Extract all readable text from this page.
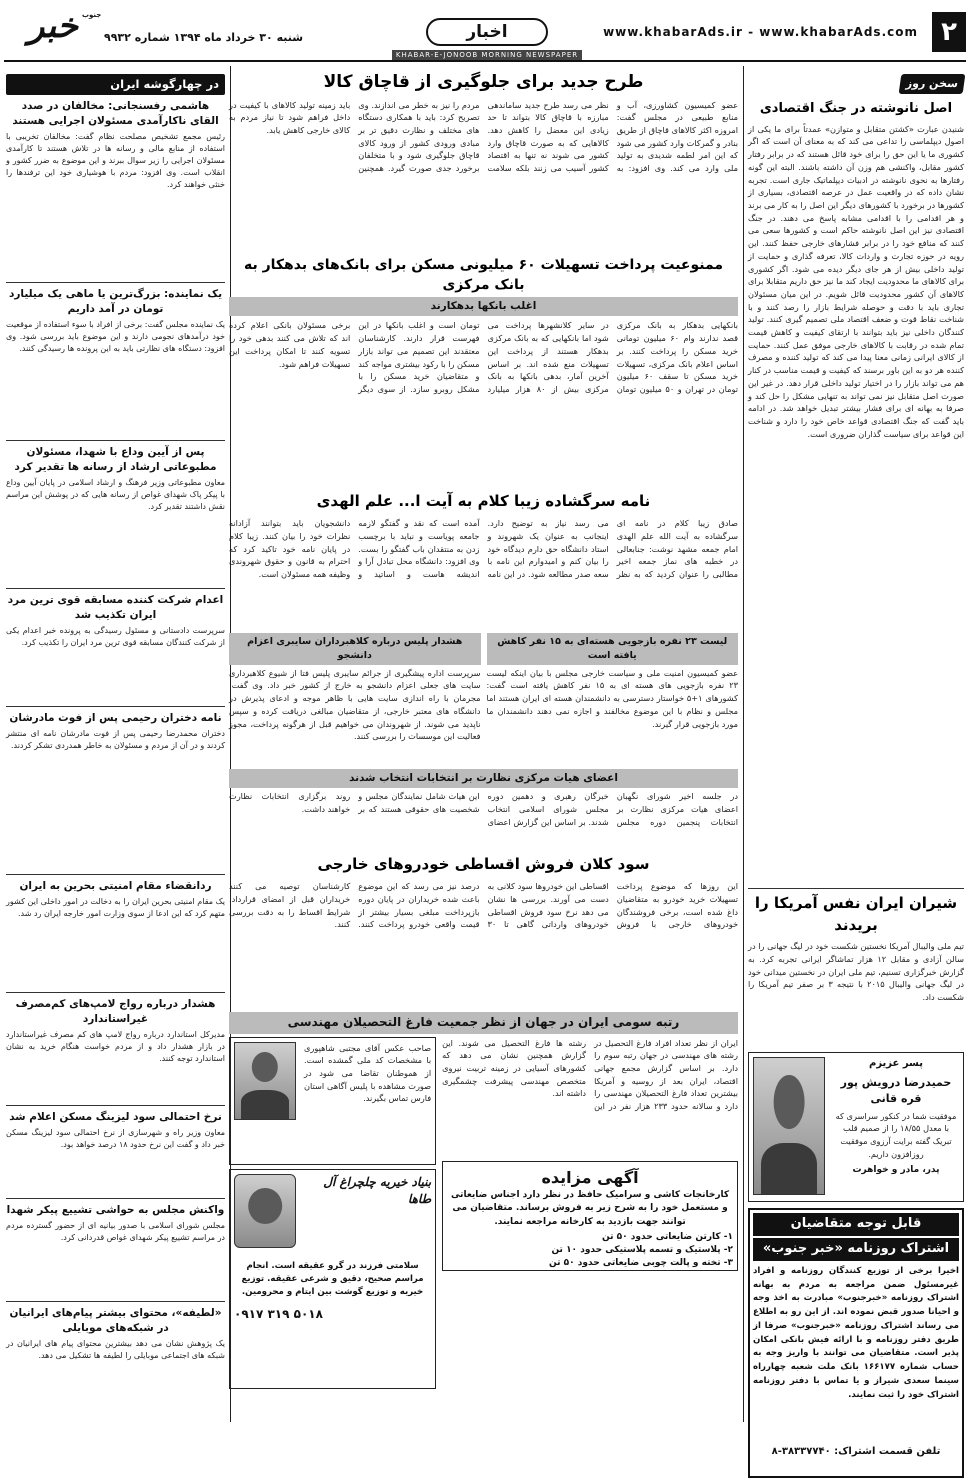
۲
www.khabarAds.ir - www.khabarAds.com
اخبار
KHABAR-E-JONOOB MORNING NEWSPAPER
شنبه ۳۰ خرداد ماه ۱۳۹۴ شماره ۹۹۳۲
خبر جنوب
سخن روز
اصل نانوشته در جنگ اقتصادی

شنیدن عبارت «کشتن متقابل و متوازن» عمدتاً برای ما یکی از اصول دیپلماسی را تداعی می کند که به معنای آن است که اگر کشوری ما یا این حق را برای خود قائل هستند که در برابر رفتار کشور مقابل، واکنشی هم وزن آن داشته باشند. البته این گونه رفتارها به نحوی نانوشته در ادبیات دیپلماتیک جاری است. تجربه نشان داده که در واقعیت عمل در عرصه اقتصادی، بسیاری از کشورها در برخورد با کشورهای دیگر این اصل را به کار می برند و هر اقدامی را با اقدامی مشابه پاسخ می دهند. در جنگ اقتصادی نیز این اصل نانوشته حاکم است و کشورها سعی می کنند که منافع خود را در برابر فشارهای خارجی حفظ کنند. این رویه در حوزه تجارت و واردات کالا، تعرفه گذاری و حمایت از تولید داخلی بیش از هر جای دیگر دیده می شود. اگر کشوری برای کالاهای ما محدودیت ایجاد کند ما نیز حق داریم متقابلا برای کالاهای آن کشور محدودیت قائل شویم. در این میان مسئولان تجاری باید با دقت و حوصله شرایط بازار را رصد کنند و با شناخت نقاط قوت و ضعف اقتصاد ملی تصمیم گیری کنند. تولید کنندگان داخلی نیز باید بتوانند با ارتقای کیفیت و کاهش قیمت تمام شده در رقابت با کالاهای خارجی موفق عمل کنند. حمایت از کالای ایرانی زمانی معنا پیدا می کند که تولید کننده و مصرف کننده هر دو به این باور برسند که کیفیت و قیمت مناسب در کنار هم می تواند بازار را در اختیار تولید داخلی قرار دهد. در غیر این صورت اصل متقابل نیز نمی تواند به تنهایی مشکل را حل کند و صرفا به بهانه ای برای فشار بیشتر تبدیل خواهد شد. در ادامه باید گفت که جنگ اقتصادی قواعد خاص خود را دارد و شناخت این قواعد برای سیاست گذاران ضروری است.

شیران ایران نفس آمریکا را بریدند

تیم ملی والیبال آمریکا نخستین شکست خود در لیگ جهانی را در سالن آزادی و مقابل ۱۲ هزار تماشاگر ایرانی تجربه کرد. به گزارش خبرگزاری تسنیم، تیم ملی ایران در نخستین میدانی خود در لیگ جهانی والیبال ۲۰۱۵ با نتیجه ۳ بر صفر تیم آمریکا را شکست داد.

پسر عزیزم
حمیدرضا درویش پور قره قانی

موفقیت شما در کنکور سراسری که با معدل ۱۸/۵۵ را از صمیم قلب تبریک گفته برایت آرزوی موفقیت روزافزون داریم.

پدر، مادر و خواهرت
قابل توجه متقاضیان
اشتراک روزنامه «خبر جنوب»

اخیرا برخی از توزیع کنندگان روزنامه و افراد غیرمسئول ضمن مراجعه به مردم به بهانه اشتراک روزنامه «خبرجنوب» مبادرت به اخذ وجه و احیانا صدور قبض نموده اند. از این رو به اطلاع می رساند اشتراک روزنامه «خبرجنوب» صرفا از طریق دفتر روزنامه و با ارائه فیش بانکی امکان پذیر است. متقاضیان می توانند با واریز وجه به حساب شماره ۱۶۶۱۷۷ بانک ملت شعبه چهارراه سینما سعدی شیراز و یا تماس با دفتر روزنامه اشتراک خود را ثبت نمایند.

تلفن قسمت اشتراک: ۳۸۳۳۷۷۴۰-۸
طرح جدید برای جلوگیری از قاچاق کالا

عضو کمیسیون کشاورزی، آب و منابع طبیعی در مجلس گفت: امروزه اکثر کالاهای قاچاق از طریق بنادر و گمرکات وارد کشور می شود که این امر لطمه شدیدی به تولید ملی وارد می کند. وی افزود: به نظر می رسد طرح جدید ساماندهی مبارزه با قاچاق کالا بتواند تا حد زیادی این معضل را کاهش دهد. کالاهایی که به صورت قاچاق وارد کشور می شوند نه تنها به اقتصاد کشور آسیب می زنند بلکه سلامت مردم را نیز به خطر می اندازند. وی تصریح کرد: باید با همکاری دستگاه های مختلف و نظارت دقیق تر بر مبادی ورودی کشور از ورود کالای قاچاق جلوگیری شود و با متخلفان برخورد جدی صورت گیرد. همچنین باید زمینه تولید کالاهای با کیفیت در داخل فراهم شود تا نیاز مردم به کالای خارجی کاهش یابد.

ممنوعیت پرداخت تسهیلات ۶۰ میلیونی مسکن برای بانک‌های بدهکار به بانک مرکزی
اغلب بانکها بدهکارند

بانکهایی بدهکار به بانک مرکزی قصد ندارند وام ۶۰ میلیون تومانی خرید مسکن را پرداخت کنند. بر اساس اعلام بانک مرکزی، تسهیلات خرید مسکن تا سقف ۶۰ میلیون تومان در تهران و ۵۰ میلیون تومان در سایر کلانشهرها پرداخت می شود اما بانکهایی که به بانک مرکزی بدهکار هستند از پرداخت این تسهیلات منع شده اند. بر اساس آخرین آمار، بدهی بانکها به بانک مرکزی بیش از ۸۰ هزار میلیارد تومان است و اغلب بانکها در این فهرست قرار دارند. کارشناسان معتقدند این تصمیم می تواند بازار مسکن را با رکود بیشتری مواجه کند و متقاضیان خرید مسکن را با مشکل روبرو سازد. از سوی دیگر برخی مسئولان بانکی اعلام کرده اند که تلاش می کنند بدهی خود را تسویه کنند تا امکان پرداخت این تسهیلات فراهم شود.

نامه سرگشاده زیبا کلام به آیت ا... علم الهدی

صادق زیبا کلام در نامه ای سرگشاده به آیت الله علم الهدی امام جمعه مشهد نوشت: جنابعالی در خطبه های نماز جمعه اخیر مطالبی را عنوان کردید که به نظر می رسد نیاز به توضیح دارد. اینجانب به عنوان یک شهروند و استاد دانشگاه حق دارم دیدگاه خود را بیان کنم و امیدوارم این نامه با سعه صدر مطالعه شود. در این نامه آمده است که نقد و گفتگو لازمه جامعه پویاست و نباید با برچسب زدن به منتقدان باب گفتگو را بست. وی افزود: دانشگاه محل تبادل آرا و اندیشه هاست و اساتید و دانشجویان باید بتوانند آزادانه نظرات خود را بیان کنند. زیبا کلام در پایان نامه خود تاکید کرد که احترام به قانون و حقوق شهروندی وظیفه همه مسئولان است.

لیست ۲۳ نفره بازجویی هسته‌ای به ۱۵ نفر کاهش یافته است

عضو کمیسیون امنیت ملی و سیاست خارجی مجلس با بیان اینکه لیست ۲۳ نفره بازجویی های هسته ای به ۱۵ نفر کاهش یافته است گفت: کشورهای ۱+۵ خواستار دسترسی به دانشمندان هسته ای ایران هستند اما مجلس و نظام با این موضوع مخالفند و اجازه نمی دهند دانشمندان ما مورد بازجویی قرار گیرند.

هشدار پلیس درباره کلاهبرداران سایبری اعزام دانشجو

سرپرست اداره پیشگیری از جرائم سایبری پلیس فتا از شیوع کلاهبرداری سایت های جعلی اعزام دانشجو به خارج از کشور خبر داد. وی گفت: مجرمان با راه اندازی سایت هایی با ظاهر موجه و ادعای پذیرش در دانشگاه های معتبر خارجی، از متقاضیان مبالغی دریافت کرده و سپس ناپدید می شوند. از شهروندان می خواهیم قبل از هرگونه پرداخت، مجوز فعالیت این موسسات را بررسی کنند.

اعضای هیات مرکزی نظارت بر انتخابات انتخاب شدند

در جلسه اخیر شورای نگهبان اعضای هیات مرکزی نظارت بر انتخابات پنجمین دوره مجلس خبرگان رهبری و دهمین دوره مجلس شورای اسلامی انتخاب شدند. بر اساس این گزارش اعضای این هیات شامل نمایندگان مجلس و شخصیت های حقوقی هستند که بر روند برگزاری انتخابات نظارت خواهند داشت.

سود کلان فروش اقساطی خودروهای خارجی

این روزها که موضوع پرداخت تسهیلات خرید خودرو به متقاضیان داغ شده است، برخی فروشندگان خودروهای خارجی با فروش اقساطی این خودروها سود کلانی به دست می آورند. بررسی ها نشان می دهد نرخ سود فروش اقساطی خودروهای وارداتی گاهی تا ۳۰ درصد نیز می رسد که این موضوع باعث شده خریداران در پایان دوره بازپرداخت مبلغی بسیار بیشتر از قیمت واقعی خودرو پرداخت کنند. کارشناسان توصیه می کنند خریداران قبل از امضای قرارداد، شرایط اقساط را به دقت بررسی کنند.

رتبه سومی ایران در جهان از نظر جمعیت فارغ التحصیلان مهندسی

ایران از نظر تعداد افراد فارغ التحصیل در رشته های مهندسی در جهان رتبه سوم را دارد. بر اساس گزارش مجمع جهانی اقتصاد، ایران بعد از روسیه و آمریکا بیشترین تعداد فارغ التحصیلان مهندسی را دارد و سالانه حدود ۲۳۳ هزار نفر در این رشته ها فارغ التحصیل می شوند. این گزارش همچنین نشان می دهد که کشورهای آسیایی در زمینه تربیت نیروی متخصص مهندسی پیشرفت چشمگیری داشته اند.

آگهی مزایده

کارخانجات کاشی و سرامیک حافظ در نظر دارد اجناس ضایعاتی و مستعمل خود را به شرح زیر به فروش برساند. متقاضیان می توانند جهت بازدید به کارخانه مراجعه نمایند.

۱- کارتن ضایعاتی حدود ۵۰ تن
۲- پلاستیک و تسمه پلاستیکی حدود ۱۰ تن
۳- تخته و پالت چوبی ضایعاتی حدود ۵۰ تن

صاحب عکس آقای مجتبی شاهپوری با مشخصات کد ملی گمشده است. از هموطنان تقاضا می شود در صورت مشاهده با پلیس آگاهی استان فارس تماس بگیرند.

بنیاد خیریه چلچراغ آل طاها

سلامتی فرزند در گرو عقیقه است. انجام مراسم صحیح، دقیق و شرعی عقیقه. توزیع خیریه و توزیع گوشت بین ایتام و محرومین.

۰۹۱۷ ۳۱۹ ۵۰۱۸
در چهارگوشه ایران
هاشمی رفسنجانی: مخالفان در صدد القای ناکارآمدی مسئولان اجرایی هستند

رئیس مجمع تشخیص مصلحت نظام گفت: مخالفان تخریبی با استفاده از منابع مالی و رسانه ها در تلاش هستند تا کارآمدی مسئولان اجرایی را زیر سوال ببرند و این موضوع به ضرر کشور و انقلاب است. وی افزود: مردم با هوشیاری خود این ترفندها را خنثی خواهند کرد.

یک نماینده: بزرگ‌ترین یا ماهی یک میلیارد تومان در آمد داریم

یک نماینده مجلس گفت: برخی از افراد با سوء استفاده از موقعیت خود درآمدهای نجومی دارند و این موضوع باید بررسی شود. وی افزود: دستگاه های نظارتی باید به این پرونده ها رسیدگی کنند.

پس از آیین وداع با شهدا، مسئولان مطبوعاتی ارشاد از رسانه ها تقدیر کرد

معاون مطبوعاتی وزیر فرهنگ و ارشاد اسلامی در پایان آیین وداع با پیکر پاک شهدای غواص از رسانه هایی که در پوشش این مراسم نقش داشتند تقدیر کرد.

اعدام شرکت کننده مسابقه قوی ترین مرد ایران تکذیب شد

سرپرست دادستانی و مسئول رسیدگی به پرونده خبر اعدام یکی از شرکت کنندگان مسابقه قوی ترین مرد ایران را تکذیب کرد.

نامه دختران رحیمی پس از فوت مادرشان

دختران محمدرضا رحیمی پس از فوت مادرشان نامه ای منتشر کردند و در آن از مردم و مسئولان به خاطر همدردی تشکر کردند.

ردانقضاء مقام امنیتی بحرین به ایران

یک مقام امنیتی بحرین ایران را به دخالت در امور داخلی این کشور متهم کرد که این ادعا از سوی وزارت امور خارجه ایران رد شد.

هشدار درباره رواج لامپ‌های کم‌مصرف غیراستاندارد

مدیرکل استاندارد درباره رواج لامپ های کم مصرف غیراستاندارد در بازار هشدار داد و از مردم خواست هنگام خرید به نشان استاندارد توجه کنند.

نرخ احتمالی سود لیزینگ مسکن اعلام شد

معاون وزیر راه و شهرسازی از نرخ احتمالی سود لیزینگ مسکن خبر داد و گفت این نرخ حدود ۱۸ درصد خواهد بود.

واکنش مجلس به حواشی تشییع پیکر شهدا

مجلس شورای اسلامی با صدور بیانیه ای از حضور گسترده مردم در مراسم تشییع پیکر شهدای غواص قدردانی کرد.

«لطیفه»، محتوای بیشتر پیام‌های ایرانیان در شبکه‌های موبایلی

یک پژوهش نشان می دهد بیشترین محتوای پیام های ایرانیان در شبکه های اجتماعی موبایلی را لطیفه ها تشکیل می دهد.
